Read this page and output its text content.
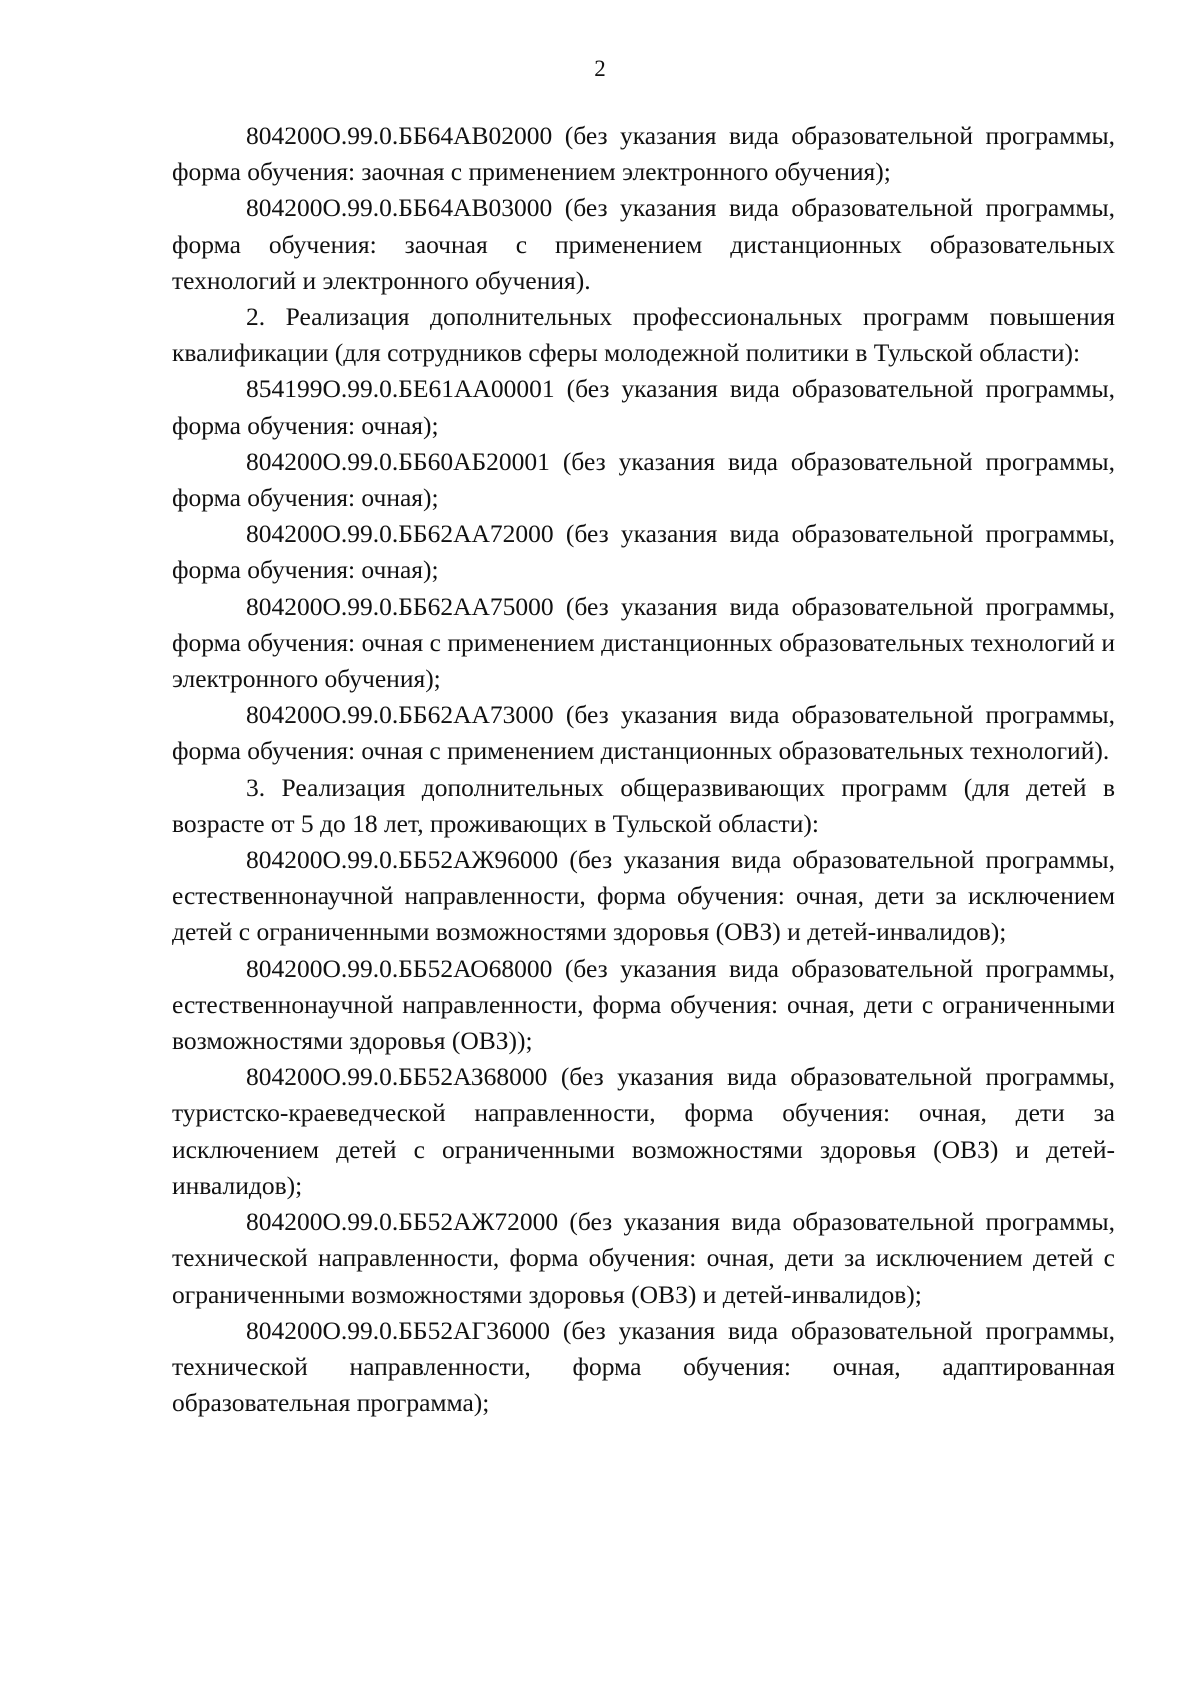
2

804200О.99.0.ББ64АВ02000 (без указания вида образовательной программы, форма обучения: заочная с применением электронного обучения);

804200О.99.0.ББ64АВ03000 (без указания вида образовательной программы, форма обучения: заочная с применением дистанционных образовательных технологий и электронного обучения).

2. Реализация дополнительных профессиональных программ повышения квалификации (для сотрудников сферы молодежной политики в Тульской области):

854199О.99.0.БЕ61АА00001 (без указания вида образовательной программы, форма обучения: очная);

804200О.99.0.ББ60АБ20001 (без указания вида образовательной программы, форма обучения: очная);

804200О.99.0.ББ62АА72000 (без указания вида образовательной программы, форма обучения: очная);

804200О.99.0.ББ62АА75000 (без указания вида образовательной программы, форма обучения: очная с применением дистанционных образовательных технологий и электронного обучения);

804200О.99.0.ББ62АА73000 (без указания вида образовательной программы, форма обучения: очная с применением дистанционных образовательных технологий).

3. Реализация дополнительных общеразвивающих программ (для детей в возрасте от 5 до 18 лет, проживающих в Тульской области):

804200О.99.0.ББ52АЖ96000 (без указания вида образовательной программы, естественнонаучной направленности, форма обучения: очная, дети за исключением детей с ограниченными возможностями здоровья (ОВЗ) и детей-инвалидов);

804200О.99.0.ББ52АО68000 (без указания вида образовательной программы, естественнонаучной направленности, форма обучения: очная, дети с ограниченными возможностями здоровья (ОВЗ));

804200О.99.0.ББ52АЗ68000 (без указания вида образовательной программы, туристско-краеведческой направленности, форма обучения: очная, дети за исключением детей с ограниченными возможностями здоровья (ОВЗ) и детей-инвалидов);

804200О.99.0.ББ52АЖ72000 (без указания вида образовательной программы, технической направленности, форма обучения: очная, дети за исключением детей с ограниченными возможностями здоровья (ОВЗ) и детей-инвалидов);

804200О.99.0.ББ52АГ36000 (без указания вида образовательной программы, технической направленности, форма обучения: очная, адаптированная образовательная программа);
